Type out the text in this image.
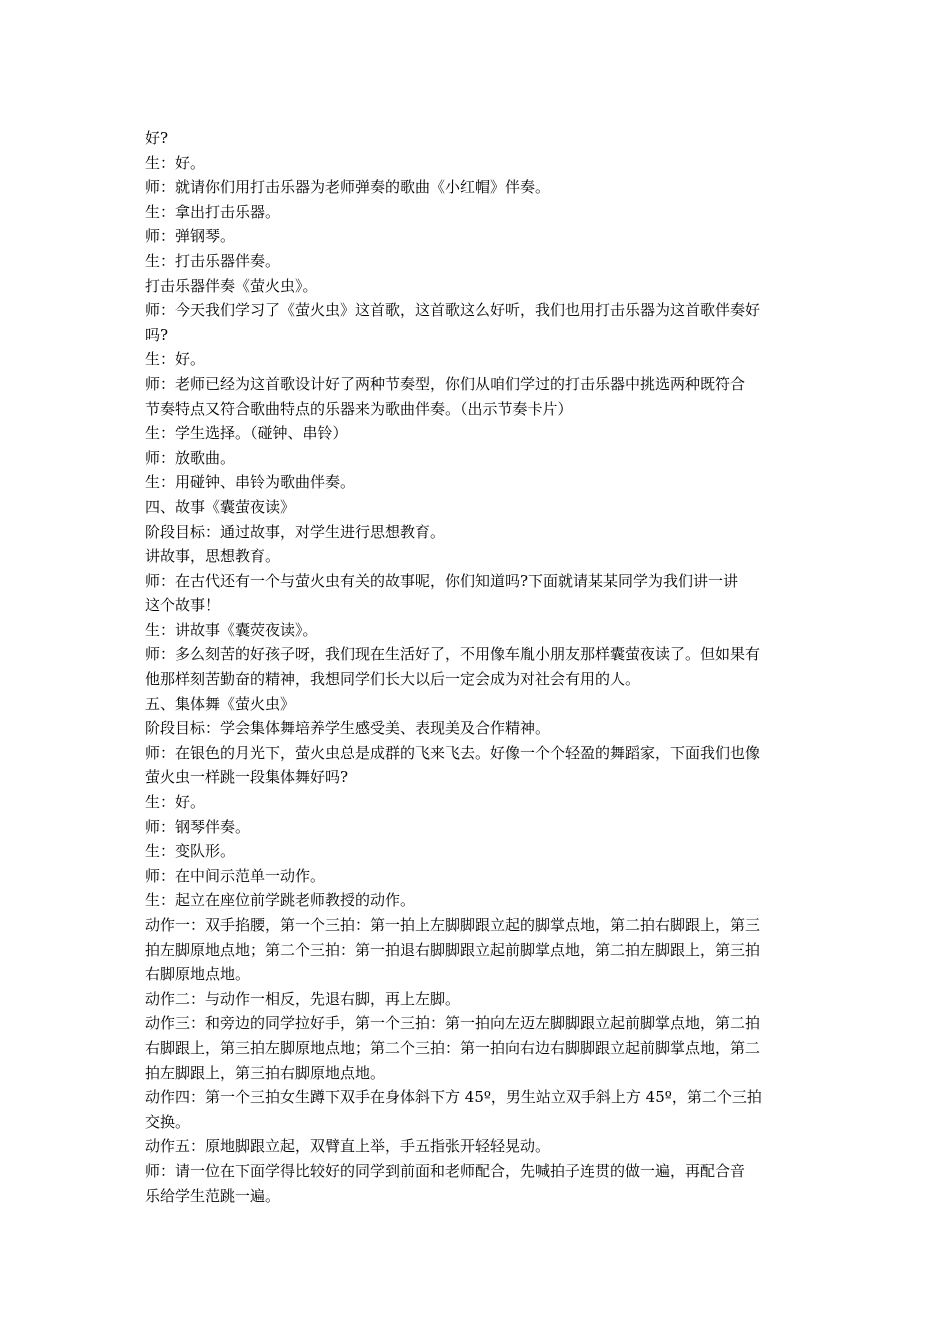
好?

生：好。

师：就请你们用打击乐器为老师弹奏的歌曲《小红帽》伴奏。

生：拿出打击乐器。

师：弹钢琴。

生：打击乐器伴奏。

打击乐器伴奏《萤火虫》。

师：今天我们学习了《萤火虫》这首歌，这首歌这么好听，我们也用打击乐器为这首歌伴奏好

吗?

生：好。

师：老师已经为这首歌设计好了两种节奏型，你们从咱们学过的打击乐器中挑选两种既符合

节奏特点又符合歌曲特点的乐器来为歌曲伴奏。（出示节奏卡片）

生：学生选择。（碰钟、串铃）

师：放歌曲。

生：用碰钟、串铃为歌曲伴奏。

四、故事《囊萤夜读》

阶段目标：通过故事，对学生进行思想教育。

讲故事，思想教育。

师：在古代还有一个与萤火虫有关的故事呢，你们知道吗?下面就请某某同学为我们讲一讲

这个故事！

生：讲故事《囊荧夜读》。

师：多么刻苦的好孩子呀，我们现在生活好了，不用像车胤小朋友那样囊萤夜读了。但如果有

他那样刻苦勤奋的精神，我想同学们长大以后一定会成为对社会有用的人。

五、集体舞《萤火虫》

阶段目标：学会集体舞培养学生感受美、表现美及合作精神。

师：在银色的月光下，萤火虫总是成群的飞来飞去。好像一个个轻盈的舞蹈家，下面我们也像

萤火虫一样跳一段集体舞好吗?

生：好。

师：钢琴伴奏。

生：变队形。

师：在中间示范单一动作。

生：起立在座位前学跳老师教授的动作。

动作一：双手掐腰，第一个三拍：第一拍上左脚脚跟立起的脚掌点地，第二拍右脚跟上，第三

拍左脚原地点地；第二个三拍：第一拍退右脚脚跟立起前脚掌点地，第二拍左脚跟上，第三拍

右脚原地点地。

动作二：与动作一相反，先退右脚，再上左脚。

动作三：和旁边的同学拉好手，第一个三拍：第一拍向左迈左脚脚跟立起前脚掌点地，第二拍

右脚跟上，第三拍左脚原地点地；第二个三拍：第一拍向右边右脚脚跟立起前脚掌点地，第二

拍左脚跟上，第三拍右脚原地点地。

动作四：第一个三拍女生蹲下双手在身体斜下方 45º，男生站立双手斜上方 45º，第二个三拍

交换。

动作五：原地脚跟立起，双臂直上举，手五指张开轻轻晃动。

师：请一位在下面学得比较好的同学到前面和老师配合，先喊拍子连贯的做一遍，再配合音

乐给学生范跳一遍。
